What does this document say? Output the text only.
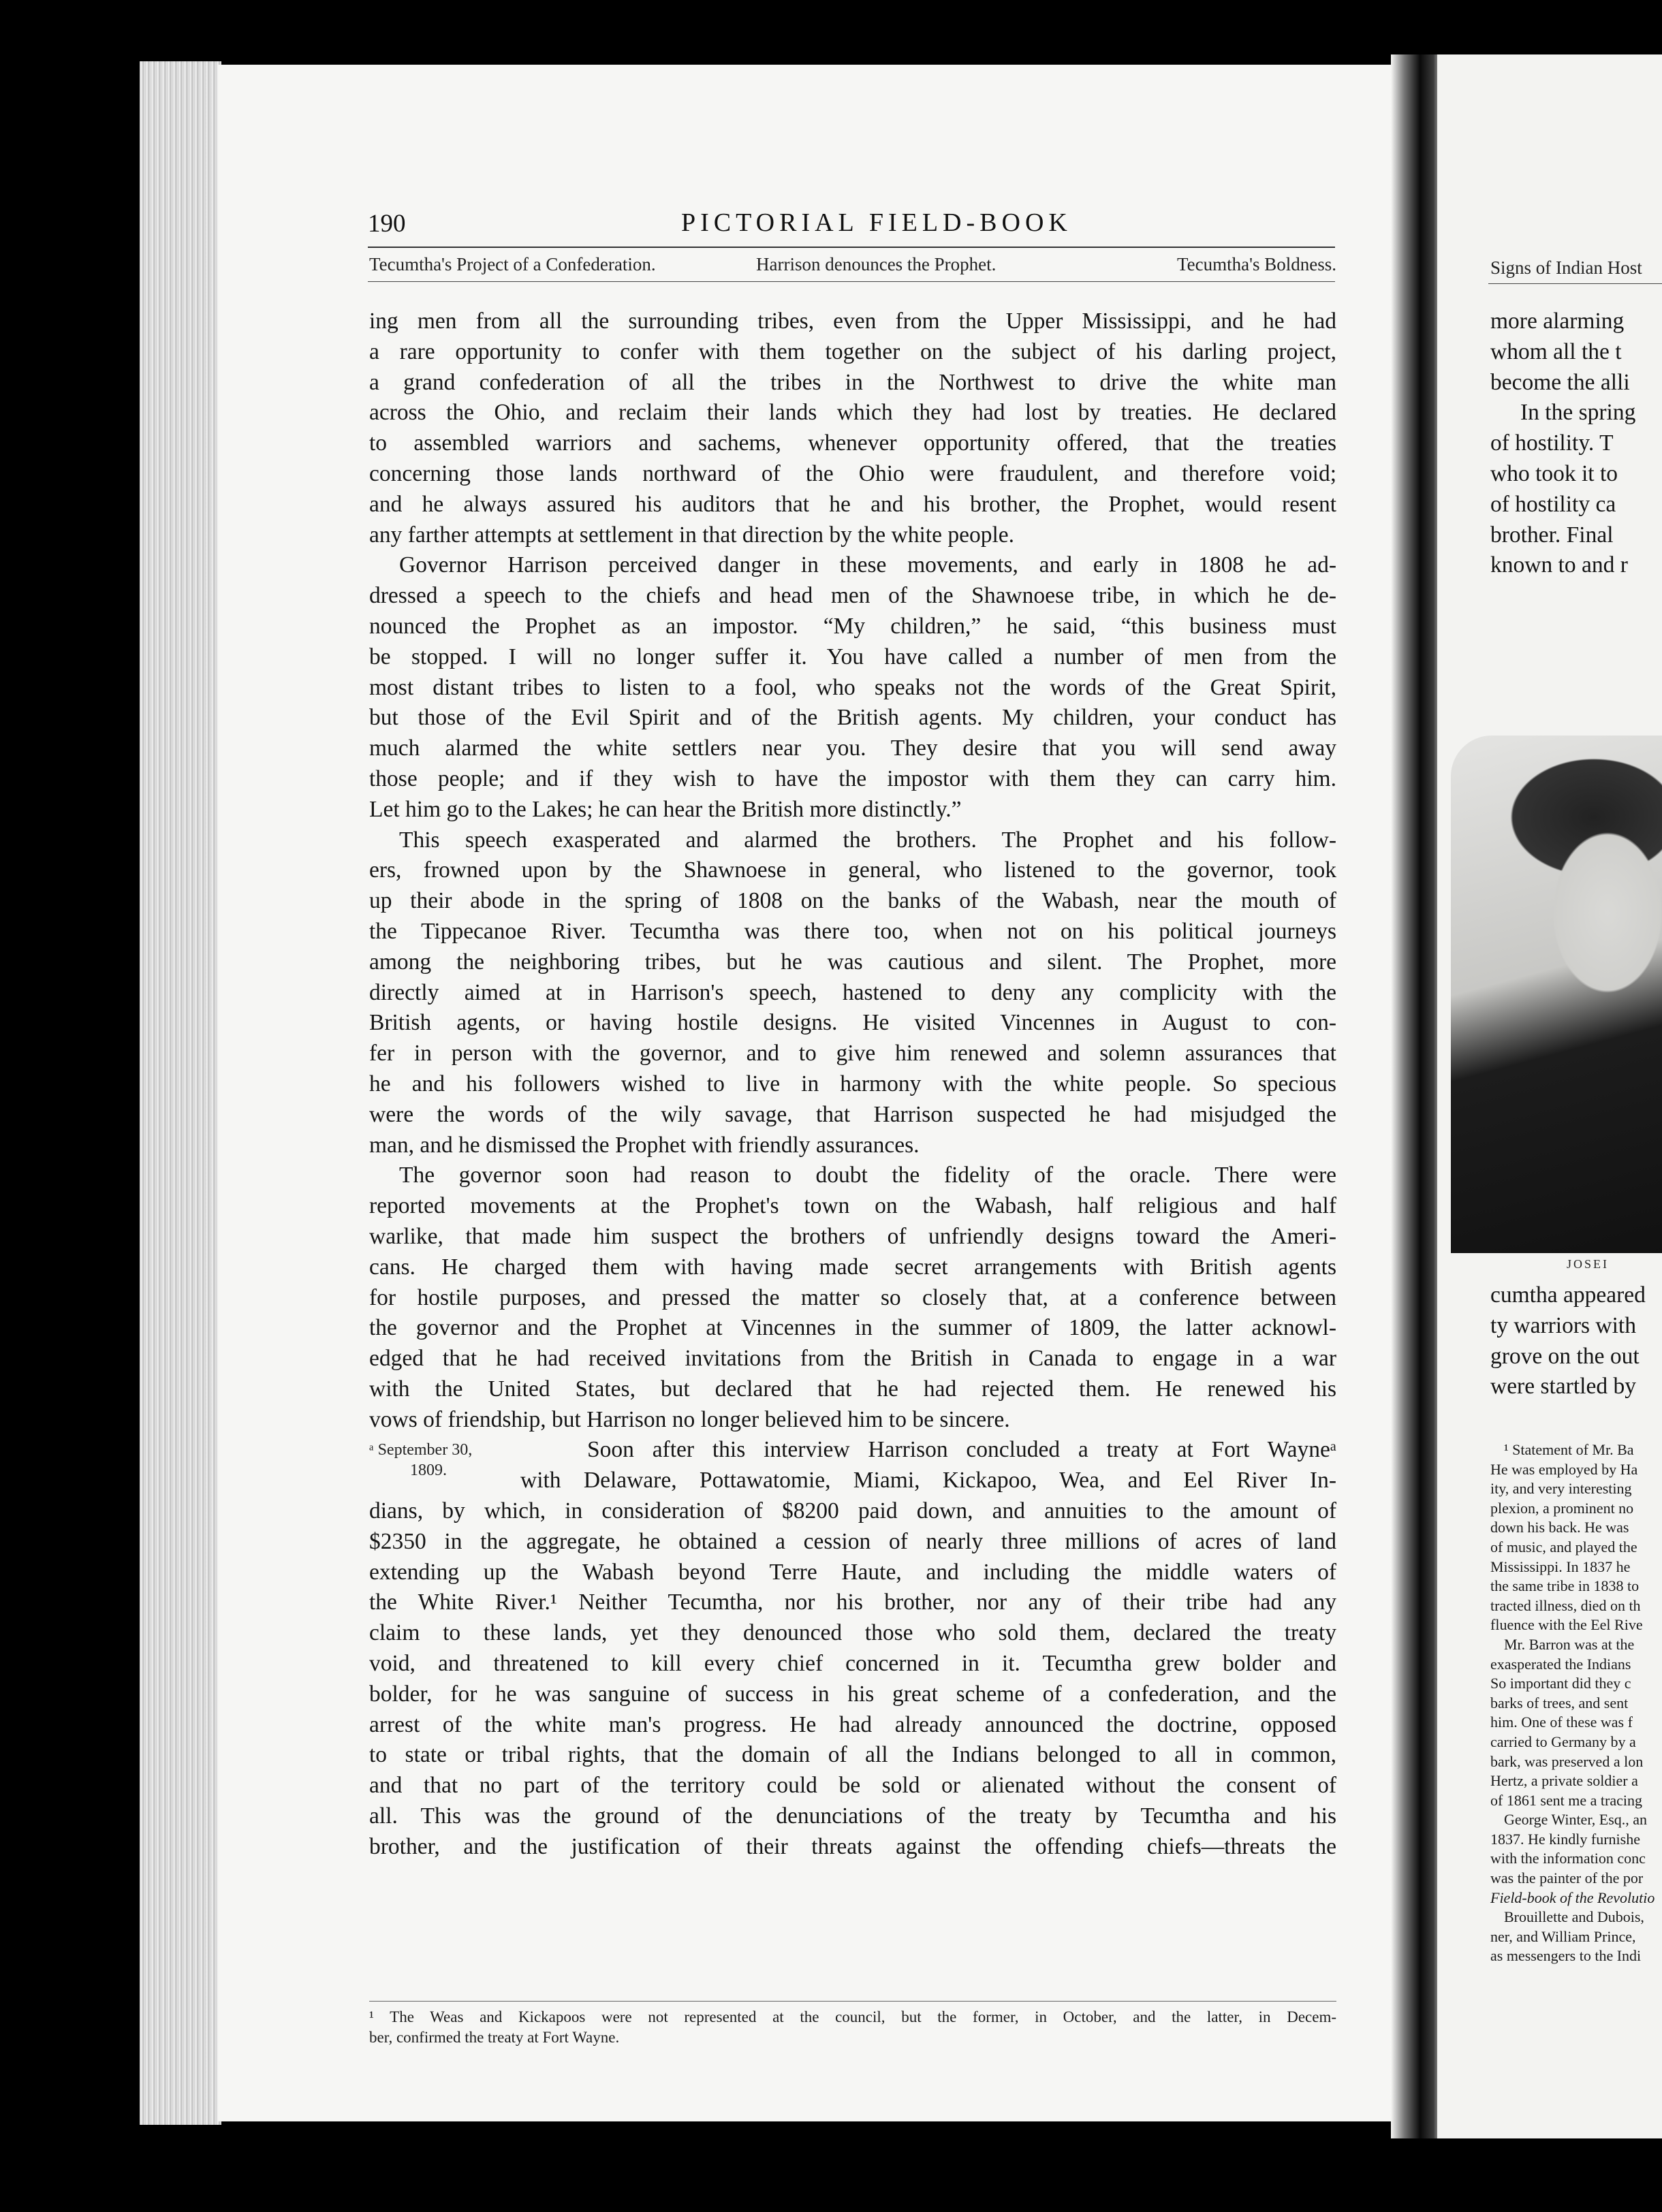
190	PICTORIAL FIELD-BOOK
Tecumtha's Project of a Confederation.	Harrison denounces the Prophet.	Tecumtha's Boldness.
ing men from all the surrounding tribes, even from the Upper Mississippi, and he had
a rare opportunity to confer with them together on the subject of his darling project,
a grand confederation of all the tribes in the Northwest to drive the white man
across the Ohio, and reclaim their lands which they had lost by treaties. He declared
to assembled warriors and sachems, whenever opportunity offered, that the treaties
concerning those lands northward of the Ohio were fraudulent, and therefore void;
and he always assured his auditors that he and his brother, the Prophet, would resent
any farther attempts at settlement in that direction by the white people.
Governor Harrison perceived danger in these movements, and early in 1808 he ad-
dressed a speech to the chiefs and head men of the Shawnoese tribe, in which he de-
nounced the Prophet as an impostor. “My children,” he said, “this business must
be stopped. I will no longer suffer it. You have called a number of men from the
most distant tribes to listen to a fool, who speaks not the words of the Great Spirit,
but those of the Evil Spirit and of the British agents. My children, your conduct has
much alarmed the white settlers near you. They desire that you will send away
those people; and if they wish to have the impostor with them they can carry him.
Let him go to the Lakes; he can hear the British more distinctly.”
This speech exasperated and alarmed the brothers. The Prophet and his follow-
ers, frowned upon by the Shawnoese in general, who listened to the governor, took
up their abode in the spring of 1808 on the banks of the Wabash, near the mouth of
the Tippecanoe River. Tecumtha was there too, when not on his political journeys
among the neighboring tribes, but he was cautious and silent. The Prophet, more
directly aimed at in Harrison's speech, hastened to deny any complicity with the
British agents, or having hostile designs. He visited Vincennes in August to con-
fer in person with the governor, and to give him renewed and solemn assurances that
he and his followers wished to live in harmony with the white people. So specious
were the words of the wily savage, that Harrison suspected he had misjudged the
man, and he dismissed the Prophet with friendly assurances.
The governor soon had reason to doubt the fidelity of the oracle. There were
reported movements at the Prophet's town on the Wabash, half religious and half
warlike, that made him suspect the brothers of unfriendly designs toward the Ameri-
cans. He charged them with having made secret arrangements with British agents
for hostile purposes, and pressed the matter so closely that, at a conference between
the governor and the Prophet at Vincennes in the summer of 1809, the latter acknowl-
edged that he had received invitations from the British in Canada to engage in a war
with the United States, but declared that he had rejected them. He renewed his
vows of friendship, but Harrison no longer believed him to be sincere.
Soon after this interview Harrison concluded a treaty at Fort Wayneᵃ
with Delaware, Pottawatomie, Miami, Kickapoo, Wea, and Eel River In-
dians, by which, in consideration of $8200 paid down, and annuities to the amount of
$2350 in the aggregate, he obtained a cession of nearly three millions of acres of land
extending up the Wabash beyond Terre Haute, and including the middle waters of
the White River.¹ Neither Tecumtha, nor his brother, nor any of their tribe had any
claim to these lands, yet they denounced those who sold them, declared the treaty
void, and threatened to kill every chief concerned in it. Tecumtha grew bolder and
bolder, for he was sanguine of success in his great scheme of a confederation, and the
arrest of the white man's progress. He had already announced the doctrine, opposed
to state or tribal rights, that the domain of all the Indians belonged to all in common,
and that no part of the territory could be sold or alienated without the consent of
all. This was the ground of the denunciations of the treaty by Tecumtha and his
brother, and the justification of their threats against the offending chiefs—threats the
ᵃ September 30,
1809.
¹ The Weas and Kickapoos were not represented at the council, but the former, in October, and the latter, in Decem-
ber, confirmed the treaty at Fort Wayne.
Signs of Indian Host
more alarming
whom all the t
become the alli
In the spring
of hostility. T
who took it to
of hostility ca
brother. Final
known to and r
JOSEI
cumtha appeared
ty warriors with
grove on the out
were startled by
¹ Statement of Mr. Ba
He was employed by Ha
ity, and very interesting
plexion, a prominent no
down his back. He was
of music, and played the
Mississippi. In 1837 he
the same tribe in 1838 to
tracted illness, died on th
fluence with the Eel Rive
Mr. Barron was at the
exasperated the Indians
So important did they c
barks of trees, and sent
him. One of these was f
carried to Germany by a
bark, was preserved a lon
Hertz, a private soldier a
of 1861 sent me a tracing
George Winter, Esq., an
1837. He kindly furnishe
with the information conc
was the painter of the por
Field-book of the Revolutio
Brouillette and Dubois,
ner, and William Prince,
as messengers to the Indi
